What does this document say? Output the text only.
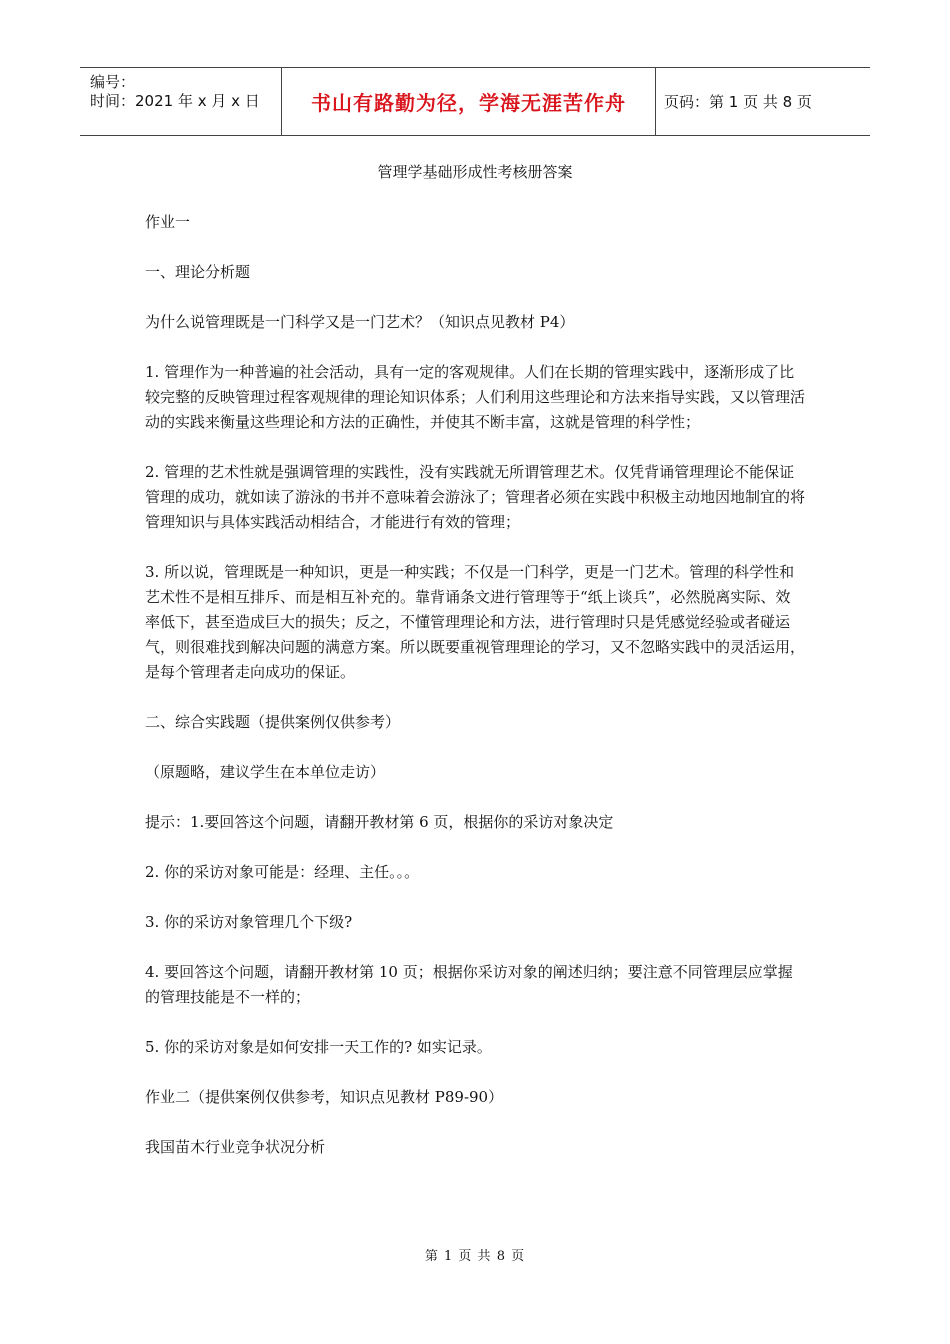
编号：
时间：2021 年 x 月 x 日	书山有路勤为径，学海无涯苦作舟	页码：第 1 页 共 8 页
管理学基础形成性考核册答案

作业一

一、理论分析题

为什么说管理既是一门科学又是一门艺术？（知识点见教材 P4）

1. 管理作为一种普遍的社会活动，具有一定的客观规律。人们在长期的管理实践中，逐渐形成了比较完整的反映管理过程客观规律的理论知识体系；人们利用这些理论和方法来指导实践，又以管理活动的实践来衡量这些理论和方法的正确性，并使其不断丰富，这就是管理的科学性；

2. 管理的艺术性就是强调管理的实践性，没有实践就无所谓管理艺术。仅凭背诵管理理论不能保证管理的成功，就如读了游泳的书并不意味着会游泳了；管理者必须在实践中积极主动地因地制宜的将管理知识与具体实践活动相结合，才能进行有效的管理；

3. 所以说，管理既是一种知识，更是一种实践；不仅是一门科学，更是一门艺术。管理的科学性和艺术性不是相互排斥、而是相互补充的。靠背诵条文进行管理等于“纸上谈兵”，必然脱离实际、效率低下，甚至造成巨大的损失；反之，不懂管理理论和方法，进行管理时只是凭感觉经验或者碰运气，则很难找到解决问题的满意方案。所以既要重视管理理论的学习，又不忽略实践中的灵活运用，是每个管理者走向成功的保证。

二、综合实践题（提供案例仅供参考）

（原题略，建议学生在本单位走访）

提示：1.要回答这个问题，请翻开教材第 6 页，根据你的采访对象决定

2. 你的采访对象可能是：经理、主任。。。

3. 你的采访对象管理几个下级?

4. 要回答这个问题，请翻开教材第 10 页；根据你采访对象的阐述归纳；要注意不同管理层应掌握的管理技能是不一样的；

5. 你的采访对象是如何安排一天工作的? 如实记录。

作业二（提供案例仅供参考，知识点见教材 P89-90）

我国苗木行业竞争状况分析

第 1 页 共 8 页
